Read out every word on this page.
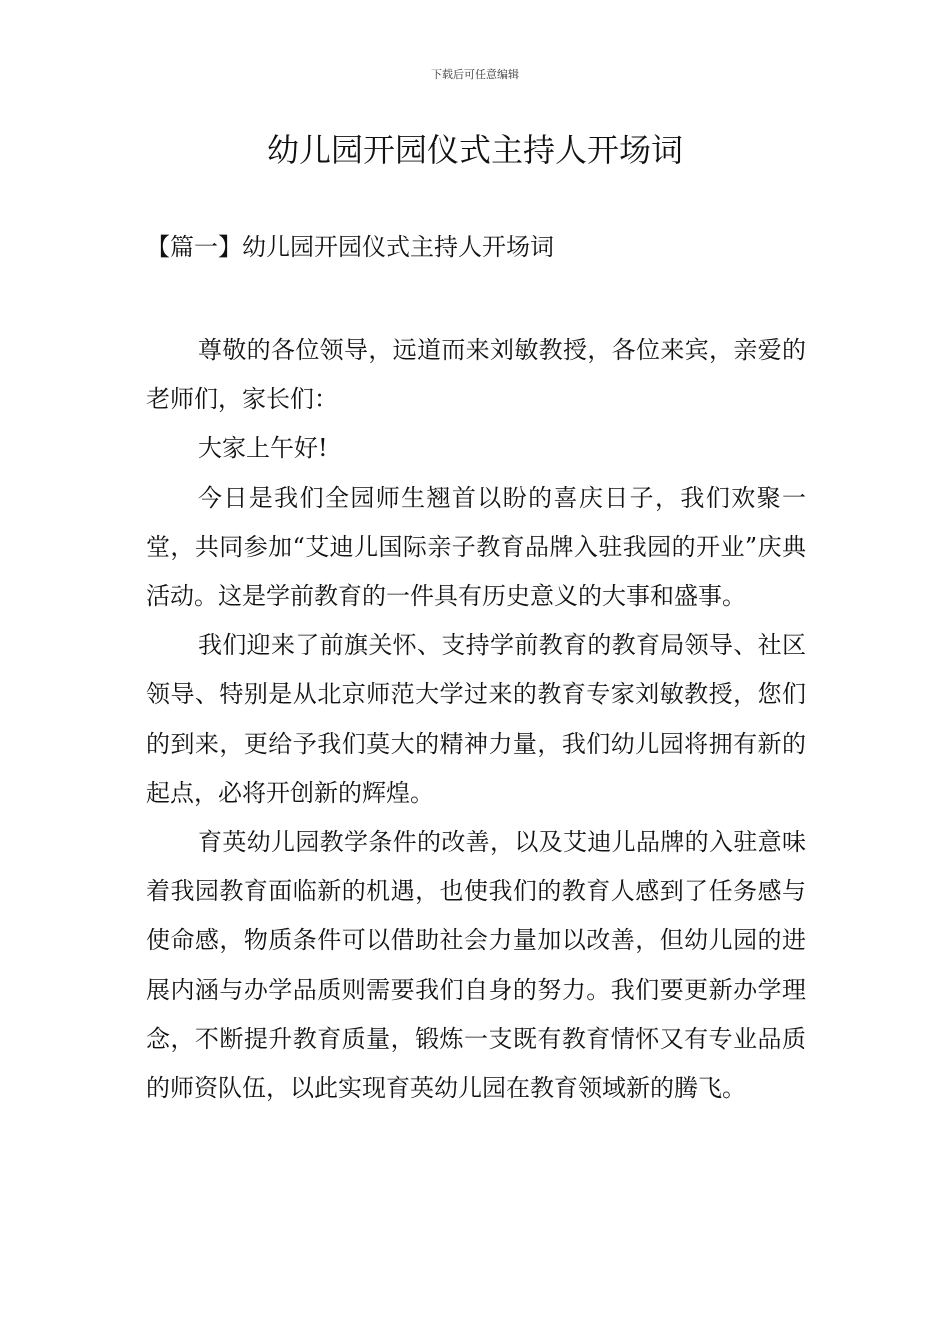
下载后可任意编辑
幼儿园开园仪式主持人开场词
【篇一】幼儿园开园仪式主持人开场词

尊敬的各位领导，远道而来刘敏教授，各位来宾，亲爱的老师们，家长们：

大家上午好!

今日是我们全园师生翘首以盼的喜庆日子，我们欢聚一堂，共同参加“艾迪儿国际亲子教育品牌入驻我园的开业”庆典活动。这是学前教育的一件具有历史意义的大事和盛事。

我们迎来了前旗关怀、支持学前教育的教育局领导、社区领导、特别是从北京师范大学过来的教育专家刘敏教授，您们的到来，更给予我们莫大的精神力量，我们幼儿园将拥有新的起点，必将开创新的辉煌。

育英幼儿园教学条件的改善，以及艾迪儿品牌的入驻意味着我园教育面临新的机遇，也使我们的教育人感到了任务感与使命感，物质条件可以借助社会力量加以改善，但幼儿园的进展内涵与办学品质则需要我们自身的努力。我们要更新办学理念，不断提升教育质量，锻炼一支既有教育情怀又有专业品质的师资队伍，以此实现育英幼儿园在教育领域新的腾飞。
